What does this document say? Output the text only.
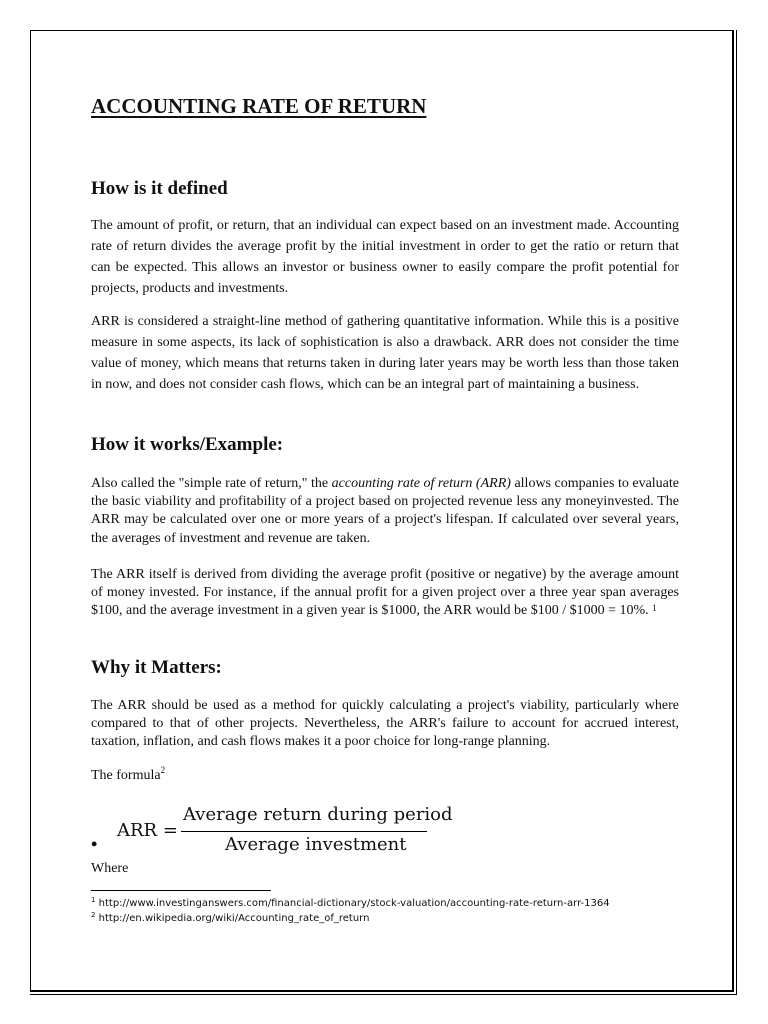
ACCOUNTING RATE OF RETURN
How is it defined

The amount of profit, or return, that an individual can expect based on an investment made. Accounting rate of return divides the average profit by the initial investment in order to get the ratio or return that can be expected. This allows an investor or business owner to easily compare the profit potential for projects, products and investments.

ARR is considered a straight-line method of gathering quantitative information. While this is a positive measure in some aspects, its lack of sophistication is also a drawback. ARR does not consider the time value of money, which means that returns taken in during later years may be worth less than those taken in now, and does not consider cash flows, which can be an integral part of maintaining a business.

How it works/Example:

Also called the "simple rate of return," the accounting rate of return (ARR) allows companies to evaluate the basic viability and profitability of a project based on projected revenue less any moneyinvested. The ARR may be calculated over one or more years of a project's lifespan. If calculated over several years, the averages of investment and revenue are taken.

The ARR itself is derived from dividing the average profit (positive or negative) by the average amount of money invested. For instance, if the annual profit for a given project over a three year span averages $100, and the average investment in a given year is $1000, the ARR would be $100 / $1000 = 10%. $^1$

Why it Matters:

The ARR should be used as a method for quickly calculating a project's viability, particularly where compared to that of other projects. Nevertheless, the ARR's failure to account for accrued interest, taxation, inflation, and cash flows makes it a poor choice for long-range planning.

The formula$^2$

•
ARR =
Average return during period
Average investment

Where

$^1$ http://www.investinganswers.com/financial-dictionary/stock-valuation/accounting-rate-return-arr-1364

$^2$ http://en.wikipedia.org/wiki/Accounting_rate_of_return
